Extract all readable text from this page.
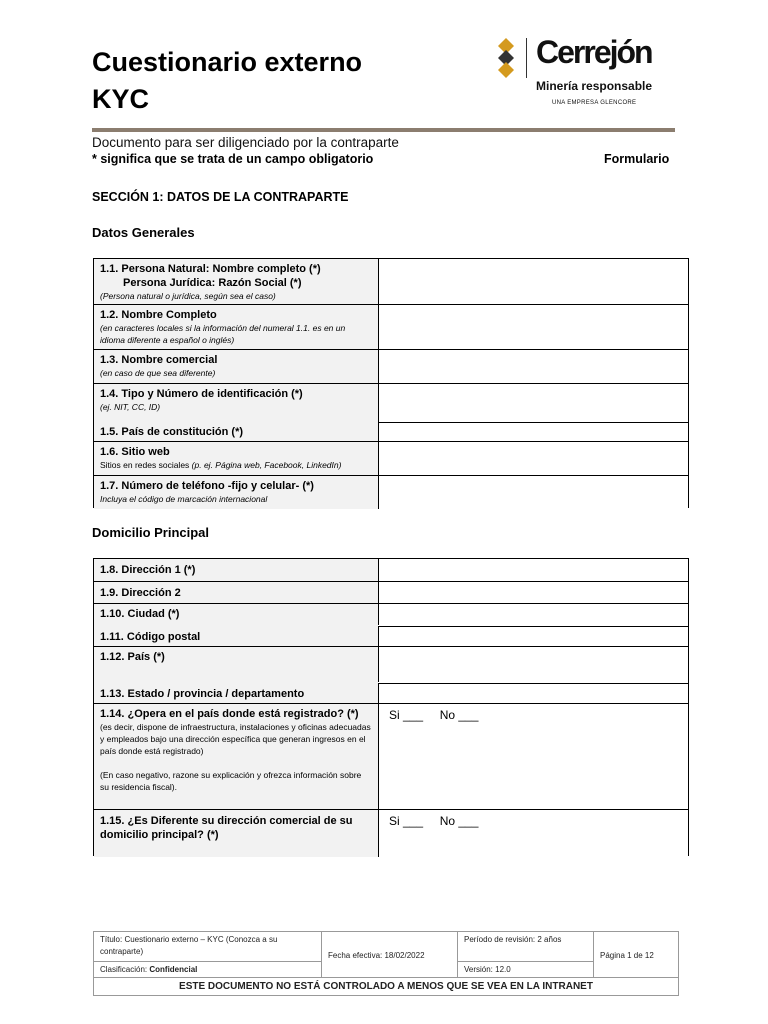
Cuestionario externo
KYC
Cerrejón
Minería responsable
UNA EMPRESA GLENCORE
Documento para ser diligenciado por la contraparte
* significa que se trata de un campo obligatorio	Formulario
SECCIÓN 1: DATOS DE LA CONTRAPARTE
Datos Generales
1.1. Persona Natural: Nombre completo (*)
Persona Jurídica: Razón Social (*)
(Persona natural o jurídica, según sea el caso)
1.2. Nombre Completo
(en caracteres locales si la información del numeral 1.1. es en un idioma diferente a español o inglés)
1.3. Nombre comercial
(en caso de que sea diferente)
1.4. Tipo y Número de identificación (*)
(ej. NIT, CC, ID)
1.5. País de constitución (*)
1.6. Sitio web
Sitios en redes sociales (p. ej. Página web, Facebook, LinkedIn)
1.7. Número de teléfono -fijo y celular- (*)
Incluya el código de marcación internacional
Domicilio Principal
1.8. Dirección 1 (*)
1.9. Dirección 2
1.10. Ciudad (*)
1.11. Código postal
1.12. País (*)
1.13. Estado / provincia / departamento
1.14. ¿Opera en el país donde está registrado? (*)
(es decir, dispone de infraestructura, instalaciones y oficinas adecuadas y empleados bajo una dirección específica que generan ingresos en el país donde está registrado)
(En caso negativo, razone su explicación y ofrezca información sobre su residencia fiscal).
Si ___     No ___
1.15. ¿Es Diferente su dirección comercial de su domicilio principal? (*)
Si ___     No ___
Título: Cuestionario externo – KYC (Conozca a su contraparte)
Clasificación: Confidencial
Fecha efectiva: 18/02/2022
Período de revisión: 2 años
Versión: 12.0
Página 1 de 12
ESTE DOCUMENTO NO ESTÁ CONTROLADO A MENOS QUE SE VEA EN LA INTRANET
